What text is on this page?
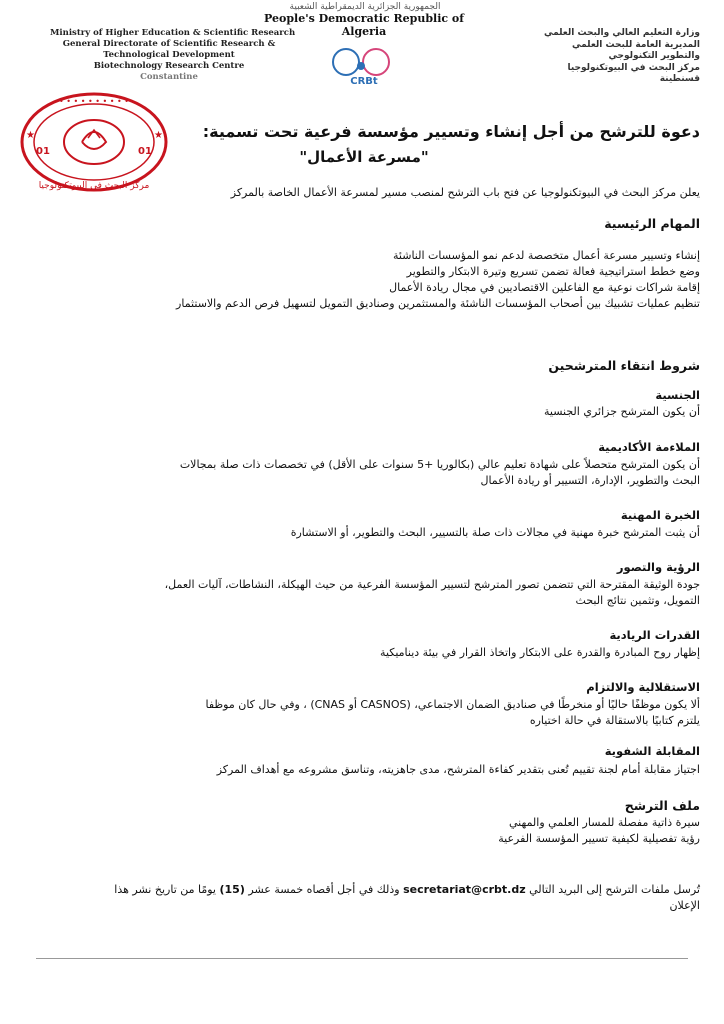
الجمهورية الجزائرية الديمقراطية الشعبية
People's Democratic Republic of Algeria
Ministry of Higher Education & Scientific Research
General Directorate of Scientific Research &
Technological Development
Biotechnology Research Centre
Constantine
وزارة التعليم العالي والبحث العلمي
المديرية العامة للبحث العلمي
والتطوير التكنولوجي
مركز البحث في البيوتكنولوجيا
قسنطينة
CRBt
• • • • • • • • • •
مركز البحث في البيوتكنولوجيا
01	01
★	★	دعوة للترشح من أجل إنشاء وتسيير مؤسسة فرعية تحت تسمية:
"مسرعة الأعمال"
يعلن مركز البحث في البيوتكنولوجيا عن فتح باب الترشح لمنصب مسير لمسرعة الأعمال الخاصة بالمركز
المهام الرئيسية
إنشاء وتسيير مسرعة أعمال متخصصة لدعم نمو المؤسسات الناشئة
وضع خطط استراتيجية فعالة تضمن تسريع وتيرة الابتكار والتطوير
إقامة شراكات نوعية مع الفاعلين الاقتصاديين في مجال ريادة الأعمال
تنظيم عمليات تشبيك بين أصحاب المؤسسات الناشئة والمستثمرين وصناديق التمويل لتسهيل فرص الدعم والاستثمار
شروط انتقاء المترشحين
الجنسية
أن يكون المترشح جزائري الجنسية
الملاءمة الأكاديمية
أن يكون المترشح متحصلاً على شهادة تعليم عالي (بكالوريا +5 سنوات على الأقل) في تخصصات ذات صلة بمجالات
البحث والتطوير، الإدارة، التسيير أو ريادة الأعمال
الخبرة المهنية
أن يثبت المترشح خبرة مهنية في مجالات ذات صلة بالتسيير، البحث والتطوير، أو الاستشارة
الرؤية والتصور
جودة الوثيقة المقترحة التي تتضمن تصور المترشح لتسيير المؤسسة الفرعية من حيث الهيكلة، النشاطات، آليات العمل،
التمويل، وتثمين نتائج البحث
القدرات الريادية
إظهار روح المبادرة والقدرة على الابتكار واتخاذ القرار في بيئة ديناميكية
الاستقلالية والالتزام
ألا يكون موظفًا حاليًا أو منخرطًا في صناديق الضمان الاجتماعي، (CASNOS أو CNAS) ، وفي حال كان موظفا
يلتزم كتابيًا بالاستقالة في حالة اختياره
المقابلة الشفوية
اجتياز مقابلة أمام لجنة تقييم تُعنى بتقدير كفاءة المترشح، مدى جاهزيته، وتناسق مشروعه مع أهداف المركز
ملف الترشح
سيرة ذاتية مفصلة للمسار العلمي والمهني
رؤية تفصيلية لكيفية تسيير المؤسسة الفرعية
تُرسل ملفات الترشح إلى البريد التالي secretariat@crbt.dz وذلك في أجل أقصاه خمسة عشر (15) يومًا من تاريخ نشر هذا
الإعلان
